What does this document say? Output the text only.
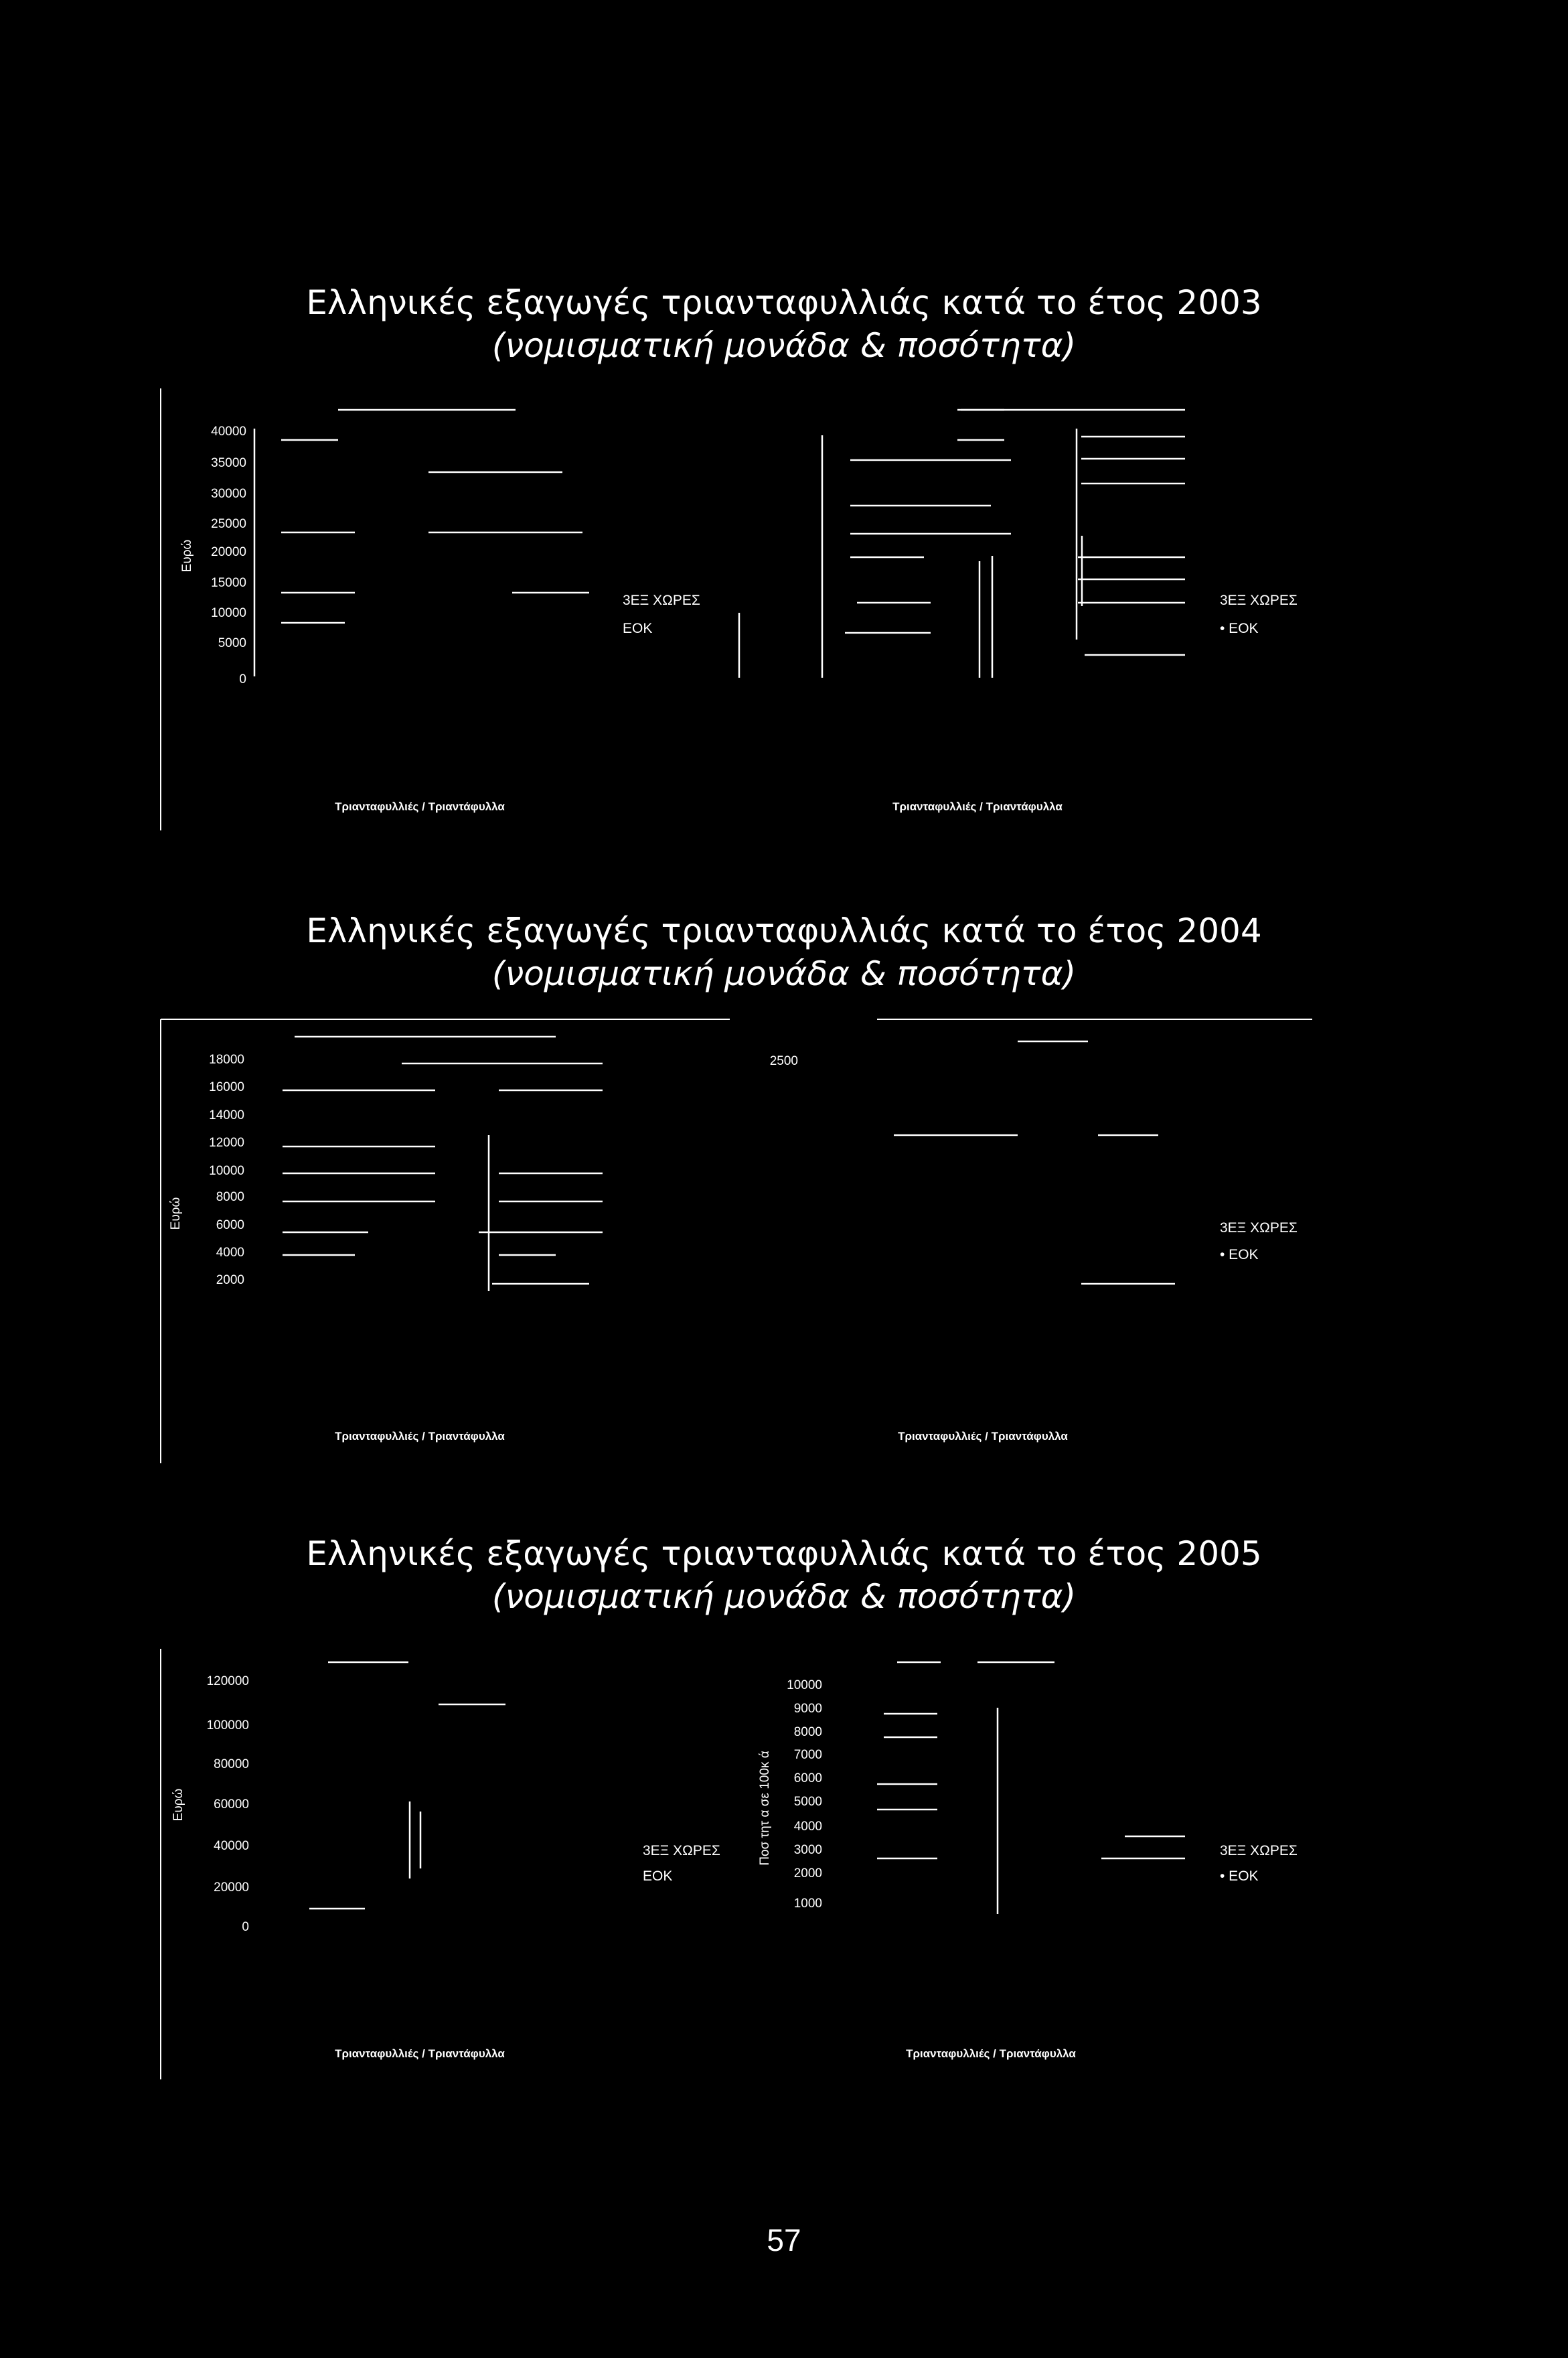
Ελληνικές εξαγωγές τριανταφυλλιάς κατά το έτος 2003
(νομισματική μονάδα & ποσότητα)
Ευρώ
40000
35000
30000
25000
20000
15000
10000
5000
0
3ΕΞ ΧΩΡΕΣ
ΕΟΚ
3ΕΞ ΧΩΡΕΣ
• ΕΟΚ
Τριανταφυλλιές / Τριαντάφυλλα	Τριανταφυλλιές / Τριαντάφυλλα
Ελληνικές εξαγωγές τριανταφυλλιάς κατά το έτος 2004
(νομισματική μονάδα & ποσότητα)
Ευρώ
18000
16000
14000
12000
10000
8000
6000
4000
2000
2500
3ΕΞ ΧΩΡΕΣ
• ΕΟΚ
Τριανταφυλλιές / Τριαντάφυλλα	Τριανταφυλλιές / Τριαντάφυλλα
Ελληνικές εξαγωγές τριανταφυλλιάς κατά το έτος 2005
(νομισματική μονάδα & ποσότητα)
Ευρώ
120000
100000
80000
60000
40000
20000
0
3ΕΞ ΧΩΡΕΣ
ΕΟΚ
Ποσ τητ α σε 100κ ά
10000
9000
8000
7000
6000
5000
4000
3000
2000
1000
3ΕΞ ΧΩΡΕΣ
• ΕΟΚ
Τριανταφυλλιές / Τριαντάφυλλα	Τριανταφυλλιές / Τριαντάφυλλα
57
